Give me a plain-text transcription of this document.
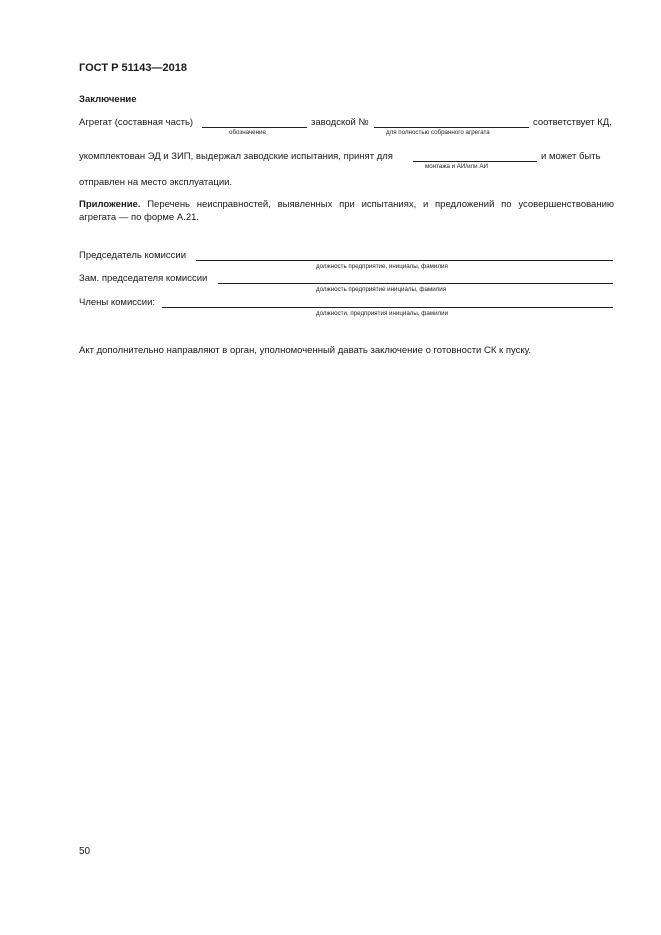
ГОСТ Р 51143—2018
Заключение
Агрегат (составная часть)
обозначение
заводской №
для полностью собранного агрегата
соответствует КД,
укомплектован ЭД и ЗИП, выдержал заводские испытания, принят для
монтажа и АИ/или АИ
и может быть
отправлен на место эксплуатации.
Приложение. Перечень неисправностей, выявленных при испытаниях, и предложений по усовершенствованию агрегата — по форме А.21.
Председатель комиссии
должность предприятие, инициалы, фамилия
Зам. председателя комиссии
должность предприятие инициалы, фамилия
Члены комиссии:
должности, предприятия инициалы, фамилии
Акт дополнительно направляют в орган, уполномоченный давать заключение о готовности СК к пуску.
50
